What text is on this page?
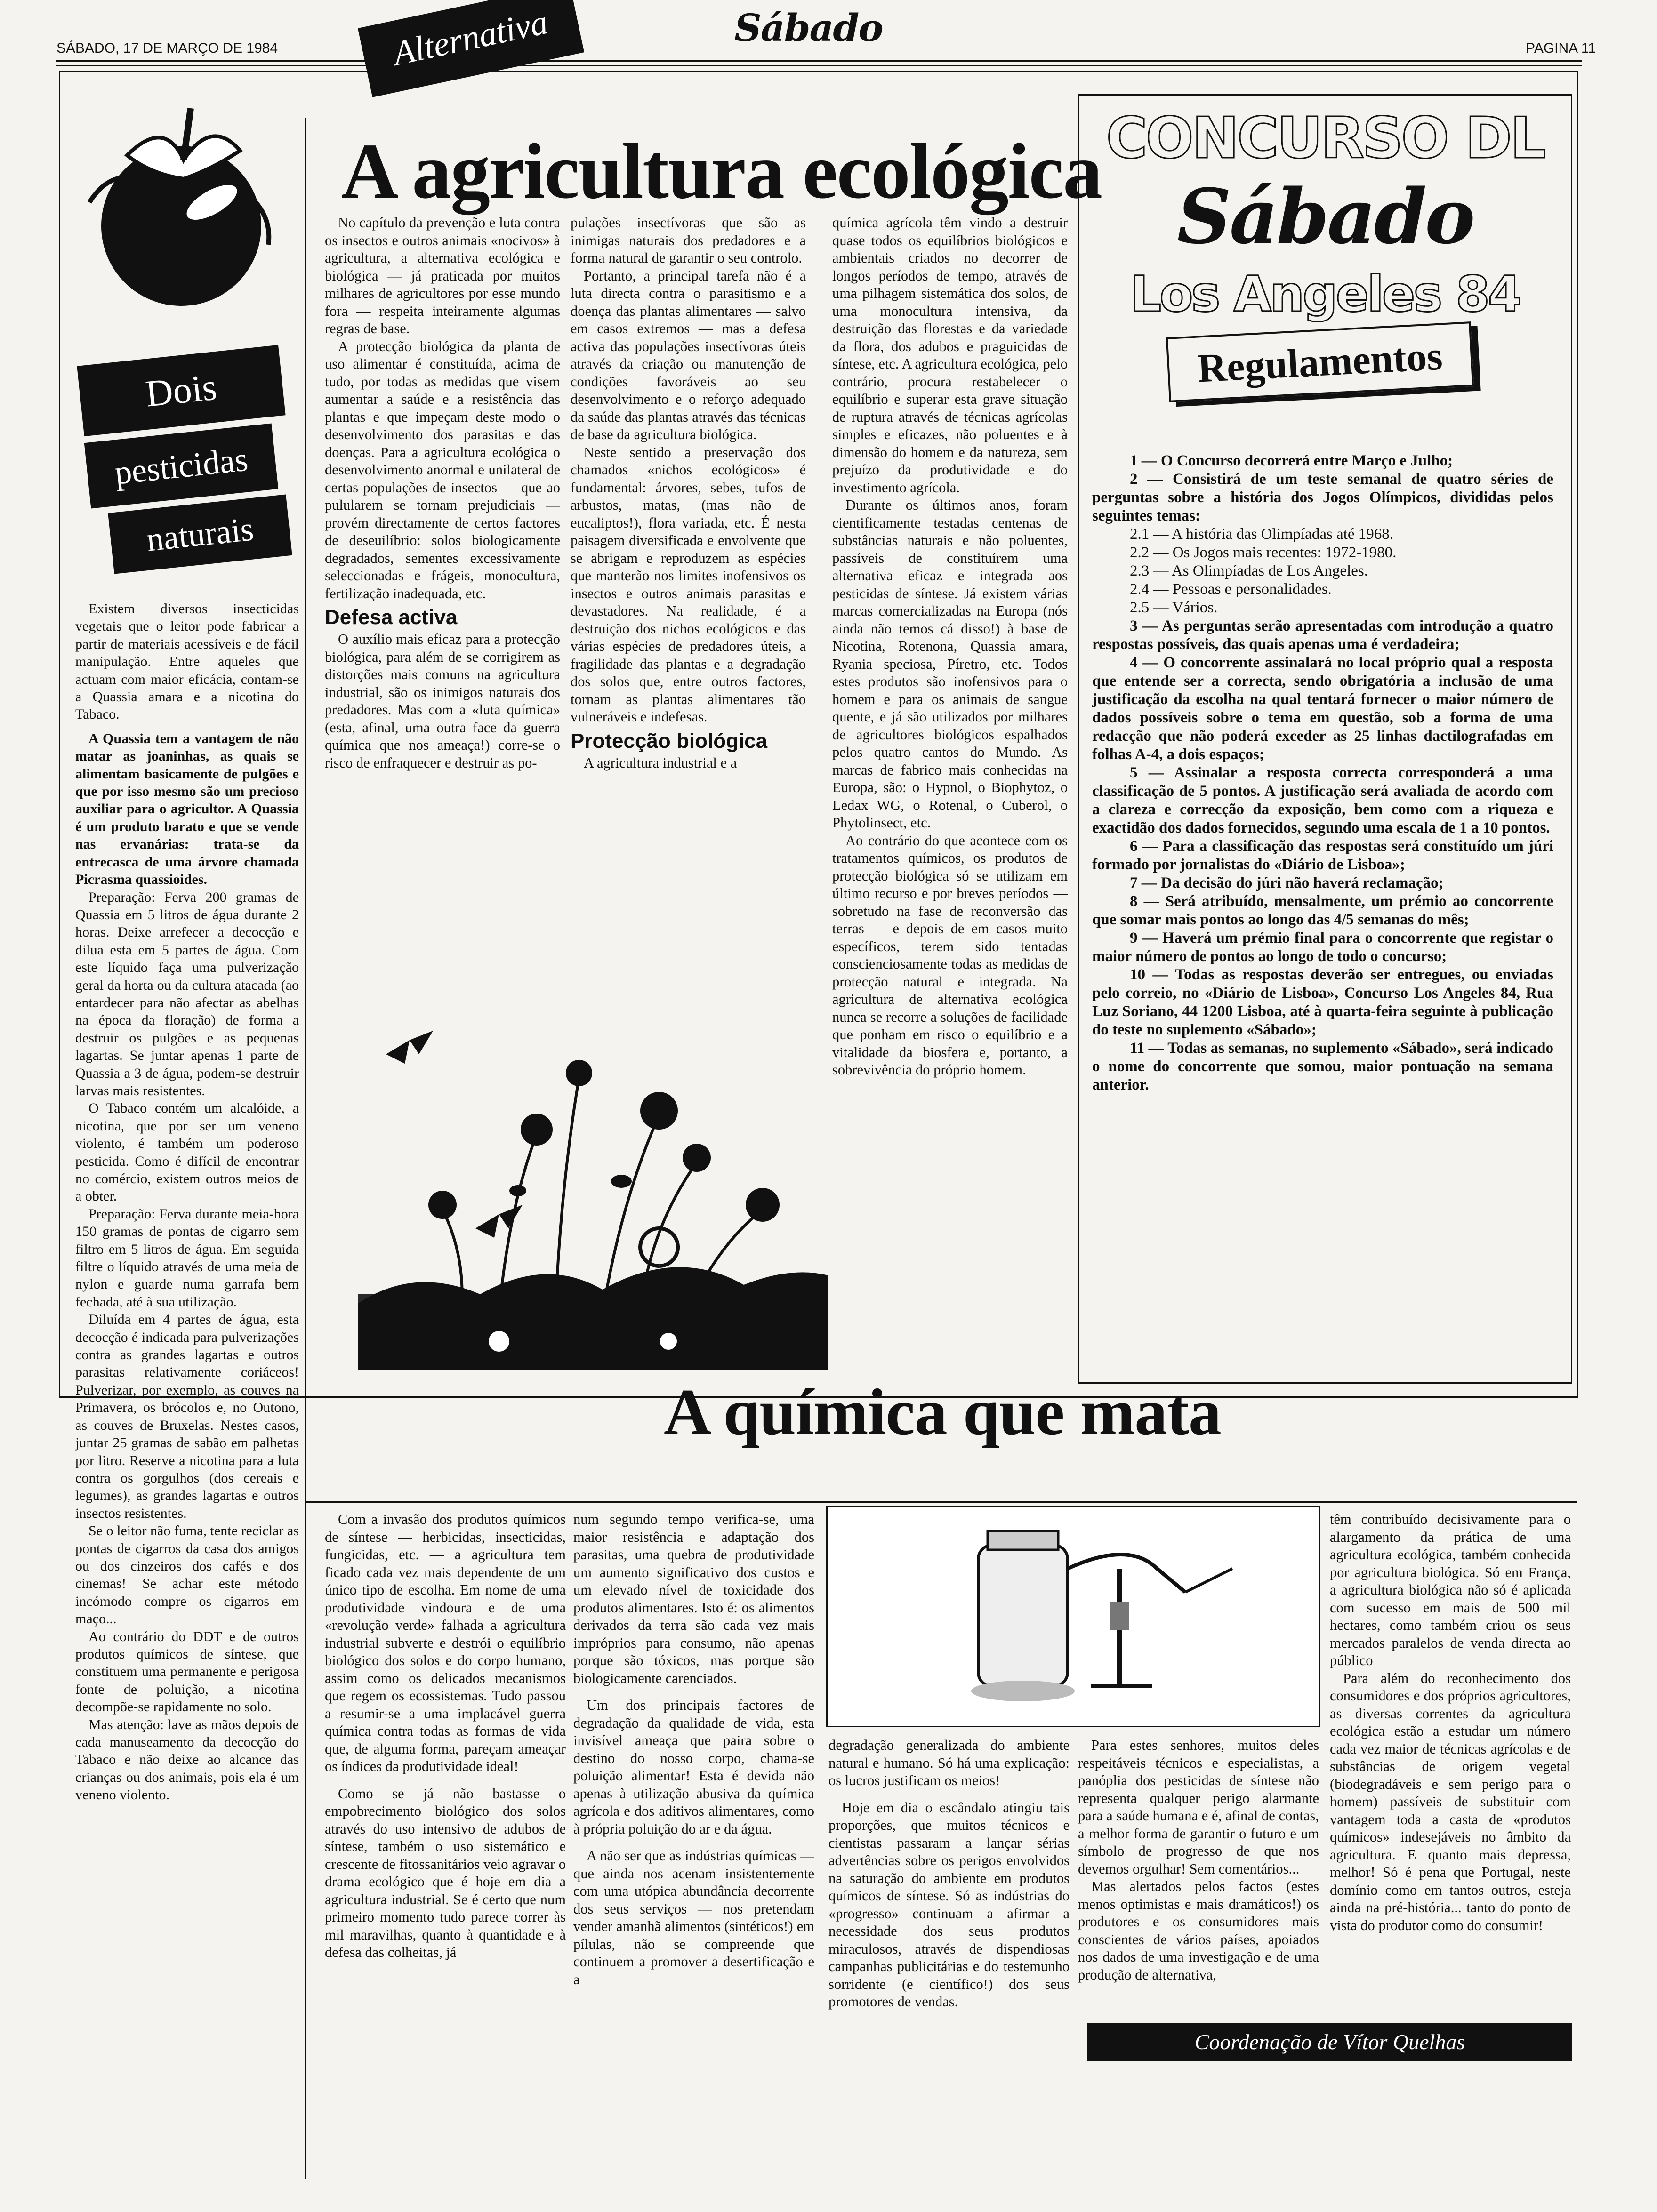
SÁBADO, 17 DE MARÇO DE 1984	Sábado	PAGINA 11
Alternativa
Dois
pesticidas
naturais

Existem diversos insecticidas vegetais que o leitor pode fabricar a partir de materiais acessíveis e de fácil manipulação. Entre aqueles que actuam com maior eficácia, contam-se a Quassia amara e a nicotina do Tabaco.

A Quassia tem a vantagem de não matar as joaninhas, as quais se alimentam basicamente de pulgões e que por isso mesmo são um precioso auxiliar para o agricultor. A Quassia é um produto barato e que se vende nas ervanárias: trata-se da entrecasca de uma árvore chamada Picrasma quassioides.

Preparação: Ferva 200 gramas de Quassia em 5 litros de água durante 2 horas. Deixe arrefecer a decocção e dilua esta em 5 partes de água. Com este líquido faça uma pulverização geral da horta ou da cultura atacada (ao entardecer para não afectar as abelhas na época da floração) de forma a destruir os pulgões e as pequenas lagartas. Se juntar apenas 1 parte de Quassia a 3 de água, podem-se destruir larvas mais resistentes.

O Tabaco contém um alcalóide, a nicotina, que por ser um veneno violento, é também um poderoso pesticida. Como é difícil de encontrar no comércio, existem outros meios de a obter.

Preparação: Ferva durante meia-hora 150 gramas de pontas de cigarro sem filtro em 5 litros de água. Em seguida filtre o líquido através de uma meia de nylon e guarde numa garrafa bem fechada, até à sua utilização.

Diluída em 4 partes de água, esta decocção é indicada para pulverizações contra as grandes lagartas e outros parasitas relativamente coriáceos! Pulverizar, por exemplo, as couves na Primavera, os brócolos e, no Outono, as couves de Bruxelas. Nestes casos, juntar 25 gramas de sabão em palhetas por litro. Reserve a nicotina para a luta contra os gorgulhos (dos cereais e legumes), as grandes lagartas e outros insectos resistentes.

Se o leitor não fuma, tente reciclar as pontas de cigarros da casa dos amigos ou dos cinzeiros dos cafés e dos cinemas! Se achar este método incómodo compre os cigarros em maço...

Ao contrário do DDT e de outros produtos químicos de síntese, que constituem uma permanente e perigosa fonte de poluição, a nicotina decompõe-se rapidamente no solo.

Mas atenção: lave as mãos depois de cada manuseamento da decocção do Tabaco e não deixe ao alcance das crianças ou dos animais, pois ela é um veneno violento.

A agricultura ecológica

No capítulo da prevenção e luta contra os insectos e outros animais «nocivos» à agricultura, a alternativa ecológica e biológica — já praticada por muitos milhares de agricultores por esse mundo fora — respeita inteiramente algumas regras de base.

A protecção biológica da planta de uso alimentar é constituída, acima de tudo, por todas as medidas que visem aumentar a saúde e a resistência das plantas e que impeçam deste modo o desenvolvimento dos parasitas e das doenças. Para a agricultura ecológica o desenvolvimento anormal e unilateral de certas populações de insectos — que ao pulularem se tornam prejudiciais — provém directamente de certos factores de deseuilíbrio: solos biologicamente degradados, sementes excessivamente seleccionadas e frágeis, monocultura, fertilização inadequada, etc.

Defesa activa

O auxílio mais eficaz para a protecção biológica, para além de se corrigirem as distorções mais comuns na agricultura industrial, são os inimigos naturais dos predadores. Mas com a «luta química» (esta, afinal, uma outra face da guerra química que nos ameaça!) corre-se o risco de enfraquecer e destruir as po-

pulações insectívoras que são as inimigas naturais dos predadores e a forma natural de garantir o seu controlo.

Portanto, a principal tarefa não é a luta directa contra o parasitismo e a doença das plantas alimentares — salvo em casos extremos — mas a defesa activa das populações insectívoras úteis através da criação ou manutenção de condições favoráveis ao seu desenvolvimento e o reforço adequado da saúde das plantas através das técnicas de base da agricultura biológica.

Neste sentido a preservação dos chamados «nichos ecológicos» é fundamental: árvores, sebes, tufos de arbustos, matas, (mas não de eucaliptos!), flora variada, etc. É nesta paisagem diversificada e envolvente que se abrigam e reproduzem as espécies que manterão nos limites inofensivos os insectos e outros animais parasitas e devastadores. Na realidade, é a destruição dos nichos ecológicos e das várias espécies de predadores úteis, a fragilidade das plantas e a degradação dos solos que, entre outros factores, tornam as plantas alimentares tão vulneráveis e indefesas.

Protecção biológica

A agricultura industrial e a

química agrícola têm vindo a destruir quase todos os equilíbrios biológicos e ambientais criados no decorrer de longos períodos de tempo, através de uma pilhagem sistemática dos solos, de uma monocultura intensiva, da destruição das florestas e da variedade da flora, dos adubos e praguicidas de síntese, etc. A agricultura ecológica, pelo contrário, procura restabelecer o equilíbrio e superar esta grave situação de ruptura através de técnicas agrícolas simples e eficazes, não poluentes e à dimensão do homem e da natureza, sem prejuízo da produtividade e do investimento agrícola.

Durante os últimos anos, foram cientificamente testadas centenas de substâncias naturais e não poluentes, passíveis de constituírem uma alternativa eficaz e integrada aos pesticidas de síntese. Já existem várias marcas comercializadas na Europa (nós ainda não temos cá disso!) à base de Nicotina, Rotenona, Quassia amara, Ryania speciosa, Píretro, etc. Todos estes produtos são inofensivos para o homem e para os animais de sangue quente, e já são utilizados por milhares de agricultores biológicos espalhados pelos quatro cantos do Mundo. As marcas de fabrico mais conhecidas na Europa, são: o Hypnol, o Biophytoz, o Ledax WG, o Rotenal, o Cuberol, o Phytolinsect, etc.

Ao contrário do que acontece com os tratamentos químicos, os produtos de protecção biológica só se utilizam em último recurso e por breves períodos — sobretudo na fase de reconversão das terras — e depois de em casos muito específicos, terem sido tentadas conscienciosamente todas as medidas de protecção natural e integrada. Na agricultura de alternativa ecológica nunca se recorre a soluções de facilidade que ponham em risco o equilíbrio e a vitalidade da biosfera e, portanto, a sobrevivência do próprio homem.

CONCURSO DL
Sábado
Los Angeles 84
Regulamentos

1 — O Concurso decorrerá entre Março e Julho;

2 — Consistirá de um teste semanal de quatro séries de perguntas sobre a história dos Jogos Olímpicos, divididas pelos seguintes temas:

2.1 — A história das Olimpíadas até 1968.

2.2 — Os Jogos mais recentes: 1972-1980.

2.3 — As Olimpíadas de Los Angeles.

2.4 — Pessoas e personalidades.

2.5 — Vários.

3 — As perguntas serão apresentadas com introdução a quatro respostas possíveis, das quais apenas uma é verdadeira;

4 — O concorrente assinalará no local próprio qual a resposta que entende ser a correcta, sendo obrigatória a inclusão de uma justificação da escolha na qual tentará fornecer o maior número de dados possíveis sobre o tema em questão, sob a forma de uma redacção que não poderá exceder as 25 linhas dactilografadas em folhas A-4, a dois espaços;

5 — Assinalar a resposta correcta corresponderá a uma classificação de 5 pontos. A justificação será avaliada de acordo com a clareza e correcção da exposição, bem como com a riqueza e exactidão dos dados fornecidos, segundo uma escala de 1 a 10 pontos.

6 — Para a classificação das respostas será constituído um júri formado por jornalistas do «Diário de Lisboa»;

7 — Da decisão do júri não haverá reclamação;

8 — Será atribuído, mensalmente, um prémio ao concorrente que somar mais pontos ao longo das 4/5 semanas do mês;

9 — Haverá um prémio final para o concorrente que registar o maior número de pontos ao longo de todo o concurso;

10 — Todas as respostas deverão ser entregues, ou enviadas pelo correio, no «Diário de Lisboa», Concurso Los Angeles 84, Rua Luz Soriano, 44 1200 Lisboa, até à quarta-feira seguinte à publicação do teste no suplemento «Sábado»;

11 — Todas as semanas, no suplemento «Sábado», será indicado o nome do concorrente que somou, maior pontuação na semana anterior.

A química que mata

Com a invasão dos produtos químicos de síntese — herbicidas, insecticidas, fungicidas, etc. — a agricultura tem ficado cada vez mais dependente de um único tipo de escolha. Em nome de uma produtividade vindoura e de uma «revolução verde» falhada a agricultura industrial subverte e destrói o equilíbrio biológico dos solos e do corpo humano, assim como os delicados mecanismos que regem os ecossistemas. Tudo passou a resumir-se a uma implacável guerra química contra todas as formas de vida que, de alguma forma, pareçam ameaçar os índices da produtividade ideal!

Como se já não bastasse o empobrecimento biológico dos solos através do uso intensivo de adubos de síntese, também o uso sistemático e crescente de fitossanitários veio agravar o drama ecológico que é hoje em dia a agricultura industrial. Se é certo que num primeiro momento tudo parece correr às mil maravilhas, quanto à quantidade e à defesa das colheitas, já

num segundo tempo verifica-se, uma maior resistência e adaptação dos parasitas, uma quebra de produtividade um aumento significativo dos custos e um elevado nível de toxicidade dos produtos alimentares. Isto é: os alimentos derivados da terra são cada vez mais impróprios para consumo, não apenas porque são tóxicos, mas porque são biologicamente carenciados.

Um dos principais factores de degradação da qualidade de vida, esta invisível ameaça que paira sobre o destino do nosso corpo, chama-se poluição alimentar! Esta é devida não apenas à utilização abusiva da química agrícola e dos aditivos alimentares, como à própria poluição do ar e da água.

A não ser que as indústrias químicas — que ainda nos acenam insistentemente com uma utópica abundância decorrente dos seus serviços — nos pretendam vender amanhã alimentos (sintéticos!) em pílulas, não se compreende que continuem a promover a desertificação e a

degradação generalizada do ambiente natural e humano. Só há uma explicação: os lucros justificam os meios!

Hoje em dia o escândalo atingiu tais proporções, que muitos técnicos e cientistas passaram a lançar sérias advertências sobre os perigos envolvidos na saturação do ambiente em produtos químicos de síntese. Só as indústrias do «progresso» continuam a afirmar a necessidade dos seus produtos miraculosos, através de dispendiosas campanhas publicitárias e do testemunho sorridente (e científico!) dos seus promotores de vendas.

Para estes senhores, muitos deles respeitáveis técnicos e especialistas, a panóplia dos pesticidas de síntese não representa qualquer perigo alarmante para a saúde humana e é, afinal de contas, a melhor forma de garantir o futuro e um símbolo de progresso de que nos devemos orgulhar! Sem comentários...

Mas alertados pelos factos (estes menos optimistas e mais dramáticos!) os produtores e os consumidores mais conscientes de vários países, apoiados nos dados de uma investigação e de uma produção de alternativa,

têm contribuído decisivamente para o alargamento da prática de uma agricultura ecológica, também conhecida por agricultura biológica. Só em França, a agricultura biológica não só é aplicada com sucesso em mais de 500 mil hectares, como também criou os seus mercados paralelos de venda directa ao público

Para além do reconhecimento dos consumidores e dos próprios agricultores, as diversas correntes da agricultura ecológica estão a estudar um número cada vez maior de técnicas agrícolas e de substâncias de origem vegetal (biodegradáveis e sem perigo para o homem) passíveis de substituir com vantagem toda a casta de «produtos químicos» indesejáveis no âmbito da agricultura. E quanto mais depressa, melhor! Só é pena que Portugal, neste domínio como em tantos outros, esteja ainda na pré-história... tanto do ponto de vista do produtor como do consumir!

Coordenação de Vítor Quelhas
